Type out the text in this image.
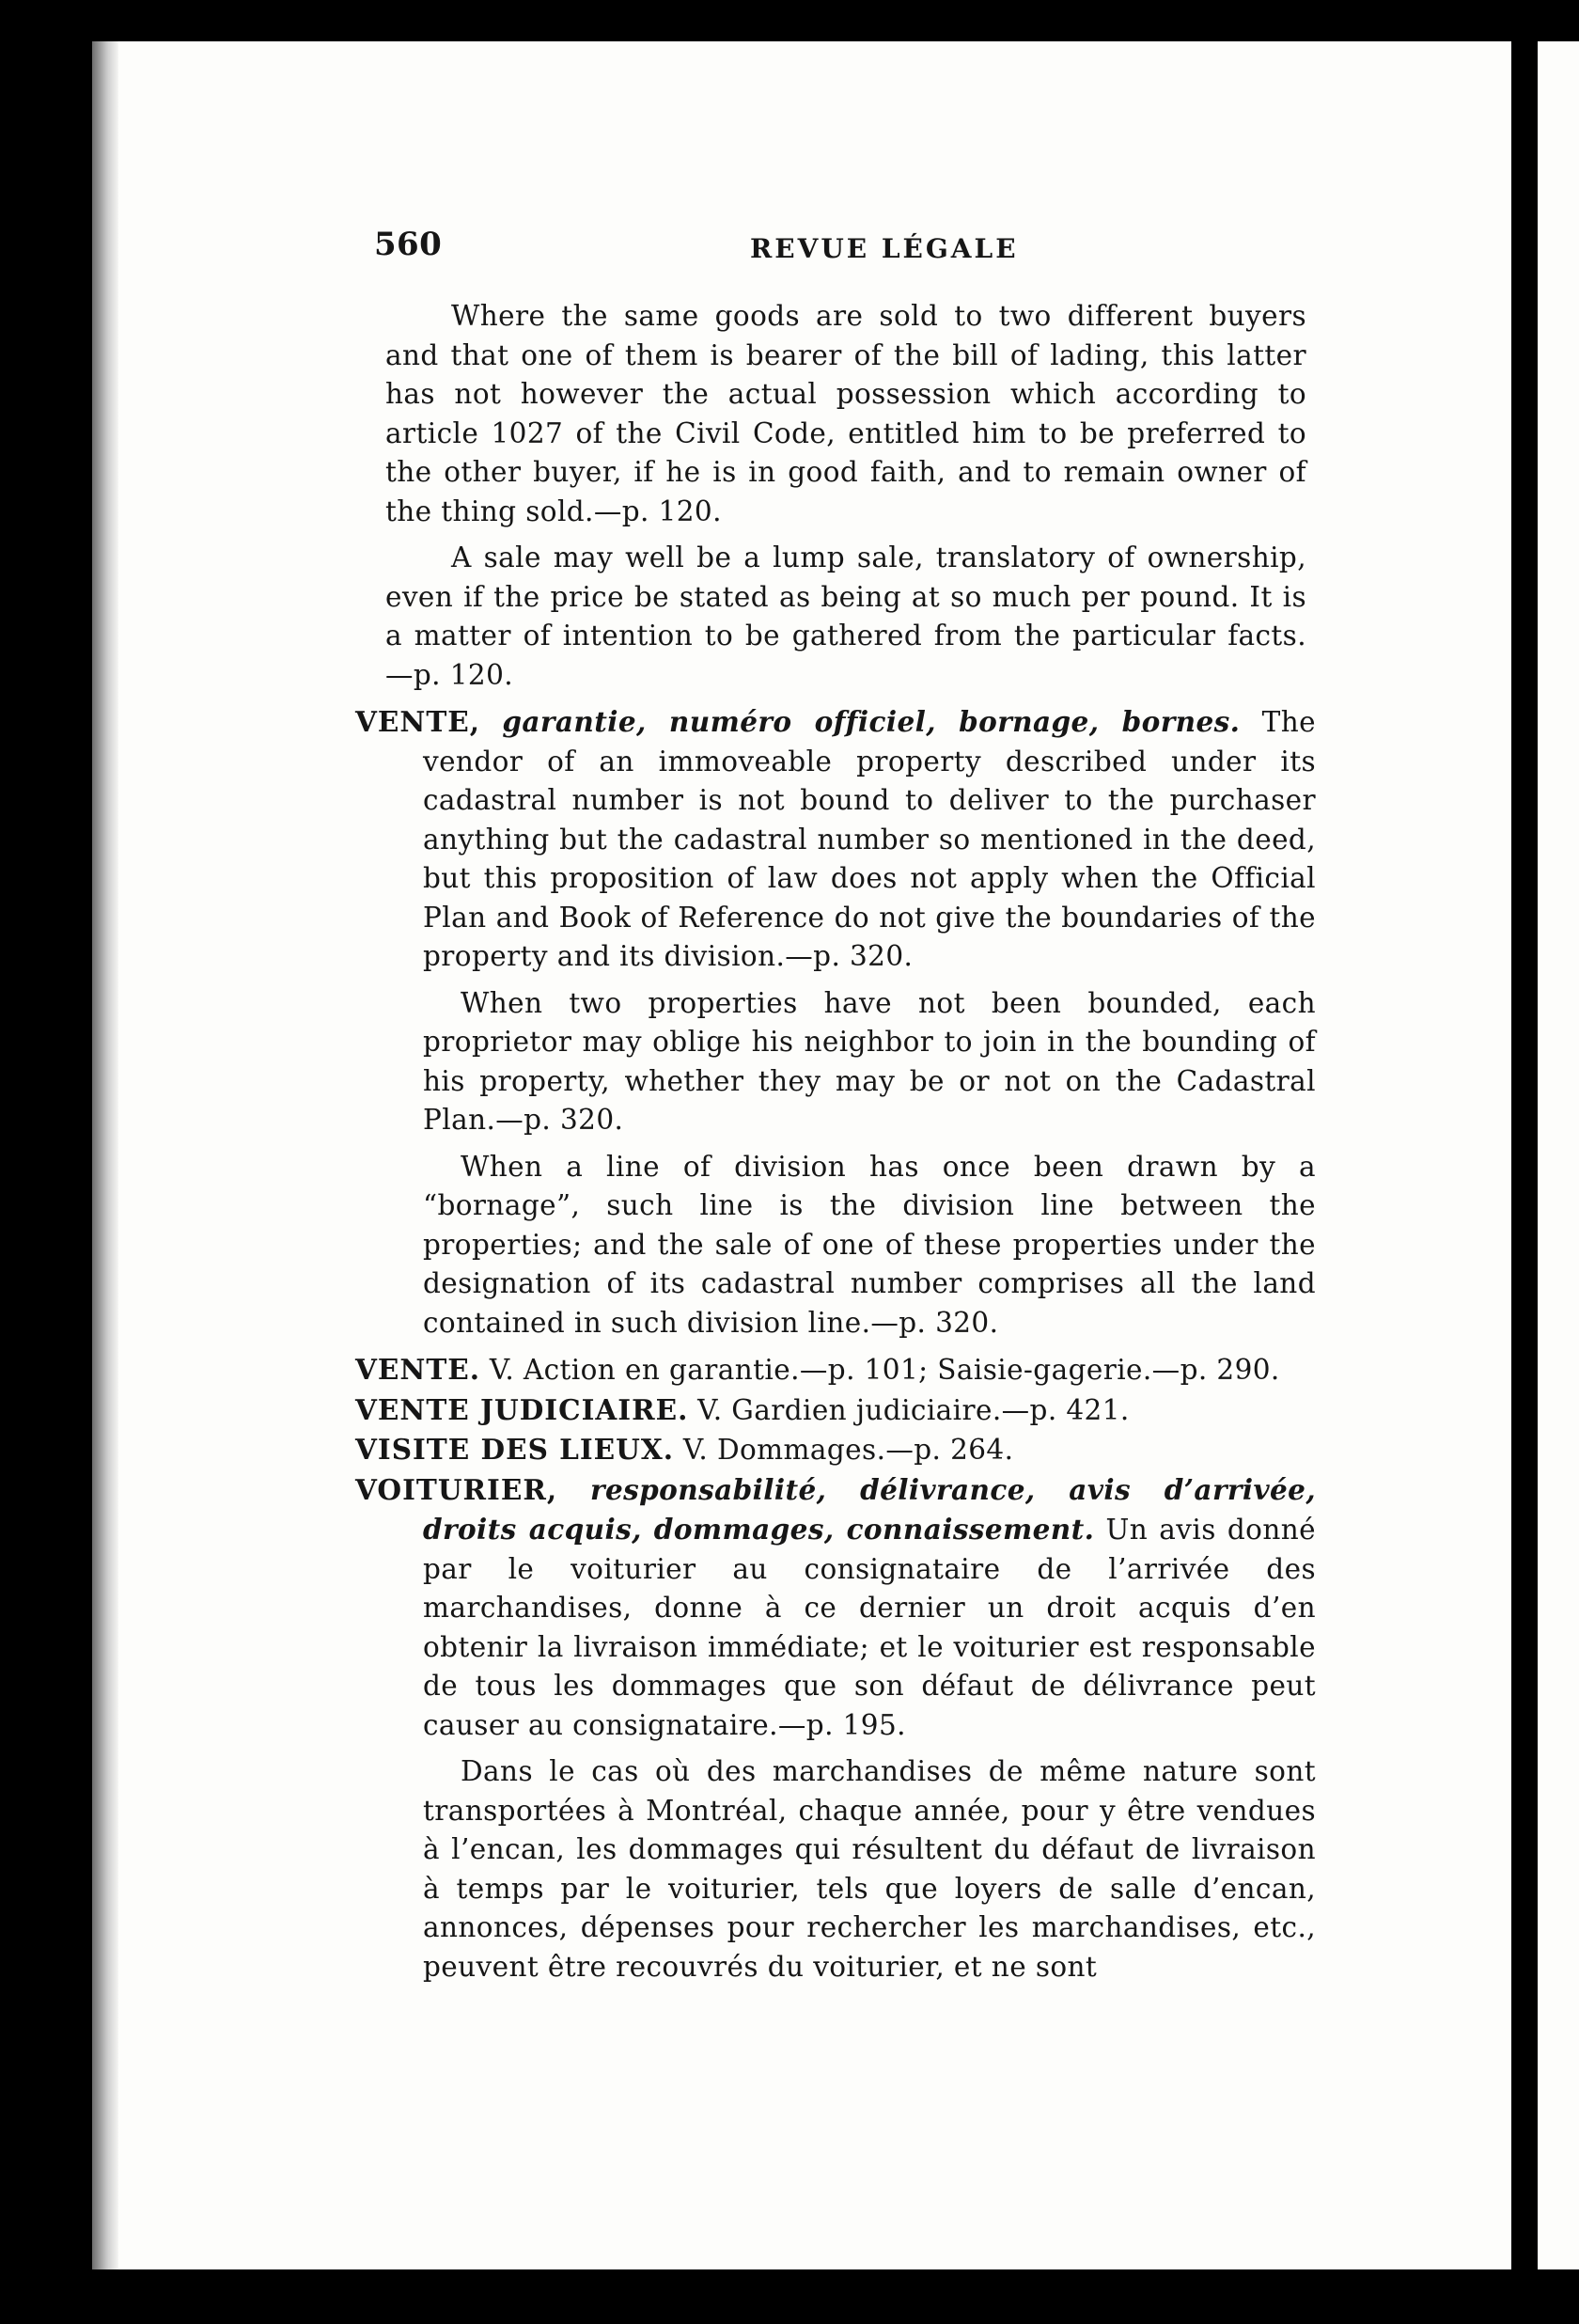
560	REVUE LÉGALE

Where the same goods are sold to two different buyers and that one of them is bearer of the bill of lading, this latter has not however the actual possession which according to article 1027 of the Civil Code, entitled him to be preferred to the other buyer, if he is in good faith, and to remain owner of the thing sold.—p. 120.

A sale may well be a lump sale, translatory of ownership, even if the price be stated as being at so much per pound. It is a matter of intention to be gathered from the particular facts.—p. 120.

VENTE, garantie, numéro officiel, bornage, bornes. The vendor of an immoveable property described under its cadastral number is not bound to deliver to the purchaser anything but the cadastral number so mentioned in the deed, but this proposition of law does not apply when the Official Plan and Book of Reference do not give the boundaries of the property and its division.—p. 320.

When two properties have not been bounded, each proprietor may oblige his neighbor to join in the bounding of his property, whether they may be or not on the Cadastral Plan.—p. 320.

When a line of division has once been drawn by a “bornage”, such line is the division line between the properties; and the sale of one of these properties under the designation of its cadastral number comprises all the land contained in such division line.—p. 320.

VENTE. V. Action en garantie.—p. 101; Saisie-gagerie.—p. 290.

VENTE JUDICIAIRE. V. Gardien judiciaire.—p. 421.

VISITE DES LIEUX. V. Dommages.—p. 264.

VOITURIER, responsabilité, délivrance, avis d’arrivée, droits acquis, dommages, connaissement. Un avis donné par le voiturier au consignataire de l’arrivée des marchandises, donne à ce dernier un droit acquis d’en obtenir la livraison immédiate; et le voiturier est responsable de tous les dommages que son défaut de délivrance peut causer au consignataire.—p. 195.

Dans le cas où des marchandises de même nature sont transportées à Montréal, chaque année, pour y être vendues à l’encan, les dommages qui résultent du défaut de livraison à temps par le voiturier, tels que loyers de salle d’encan, annonces, dépenses pour rechercher les marchandises, etc., peuvent être recouvrés du voiturier, et ne sont
